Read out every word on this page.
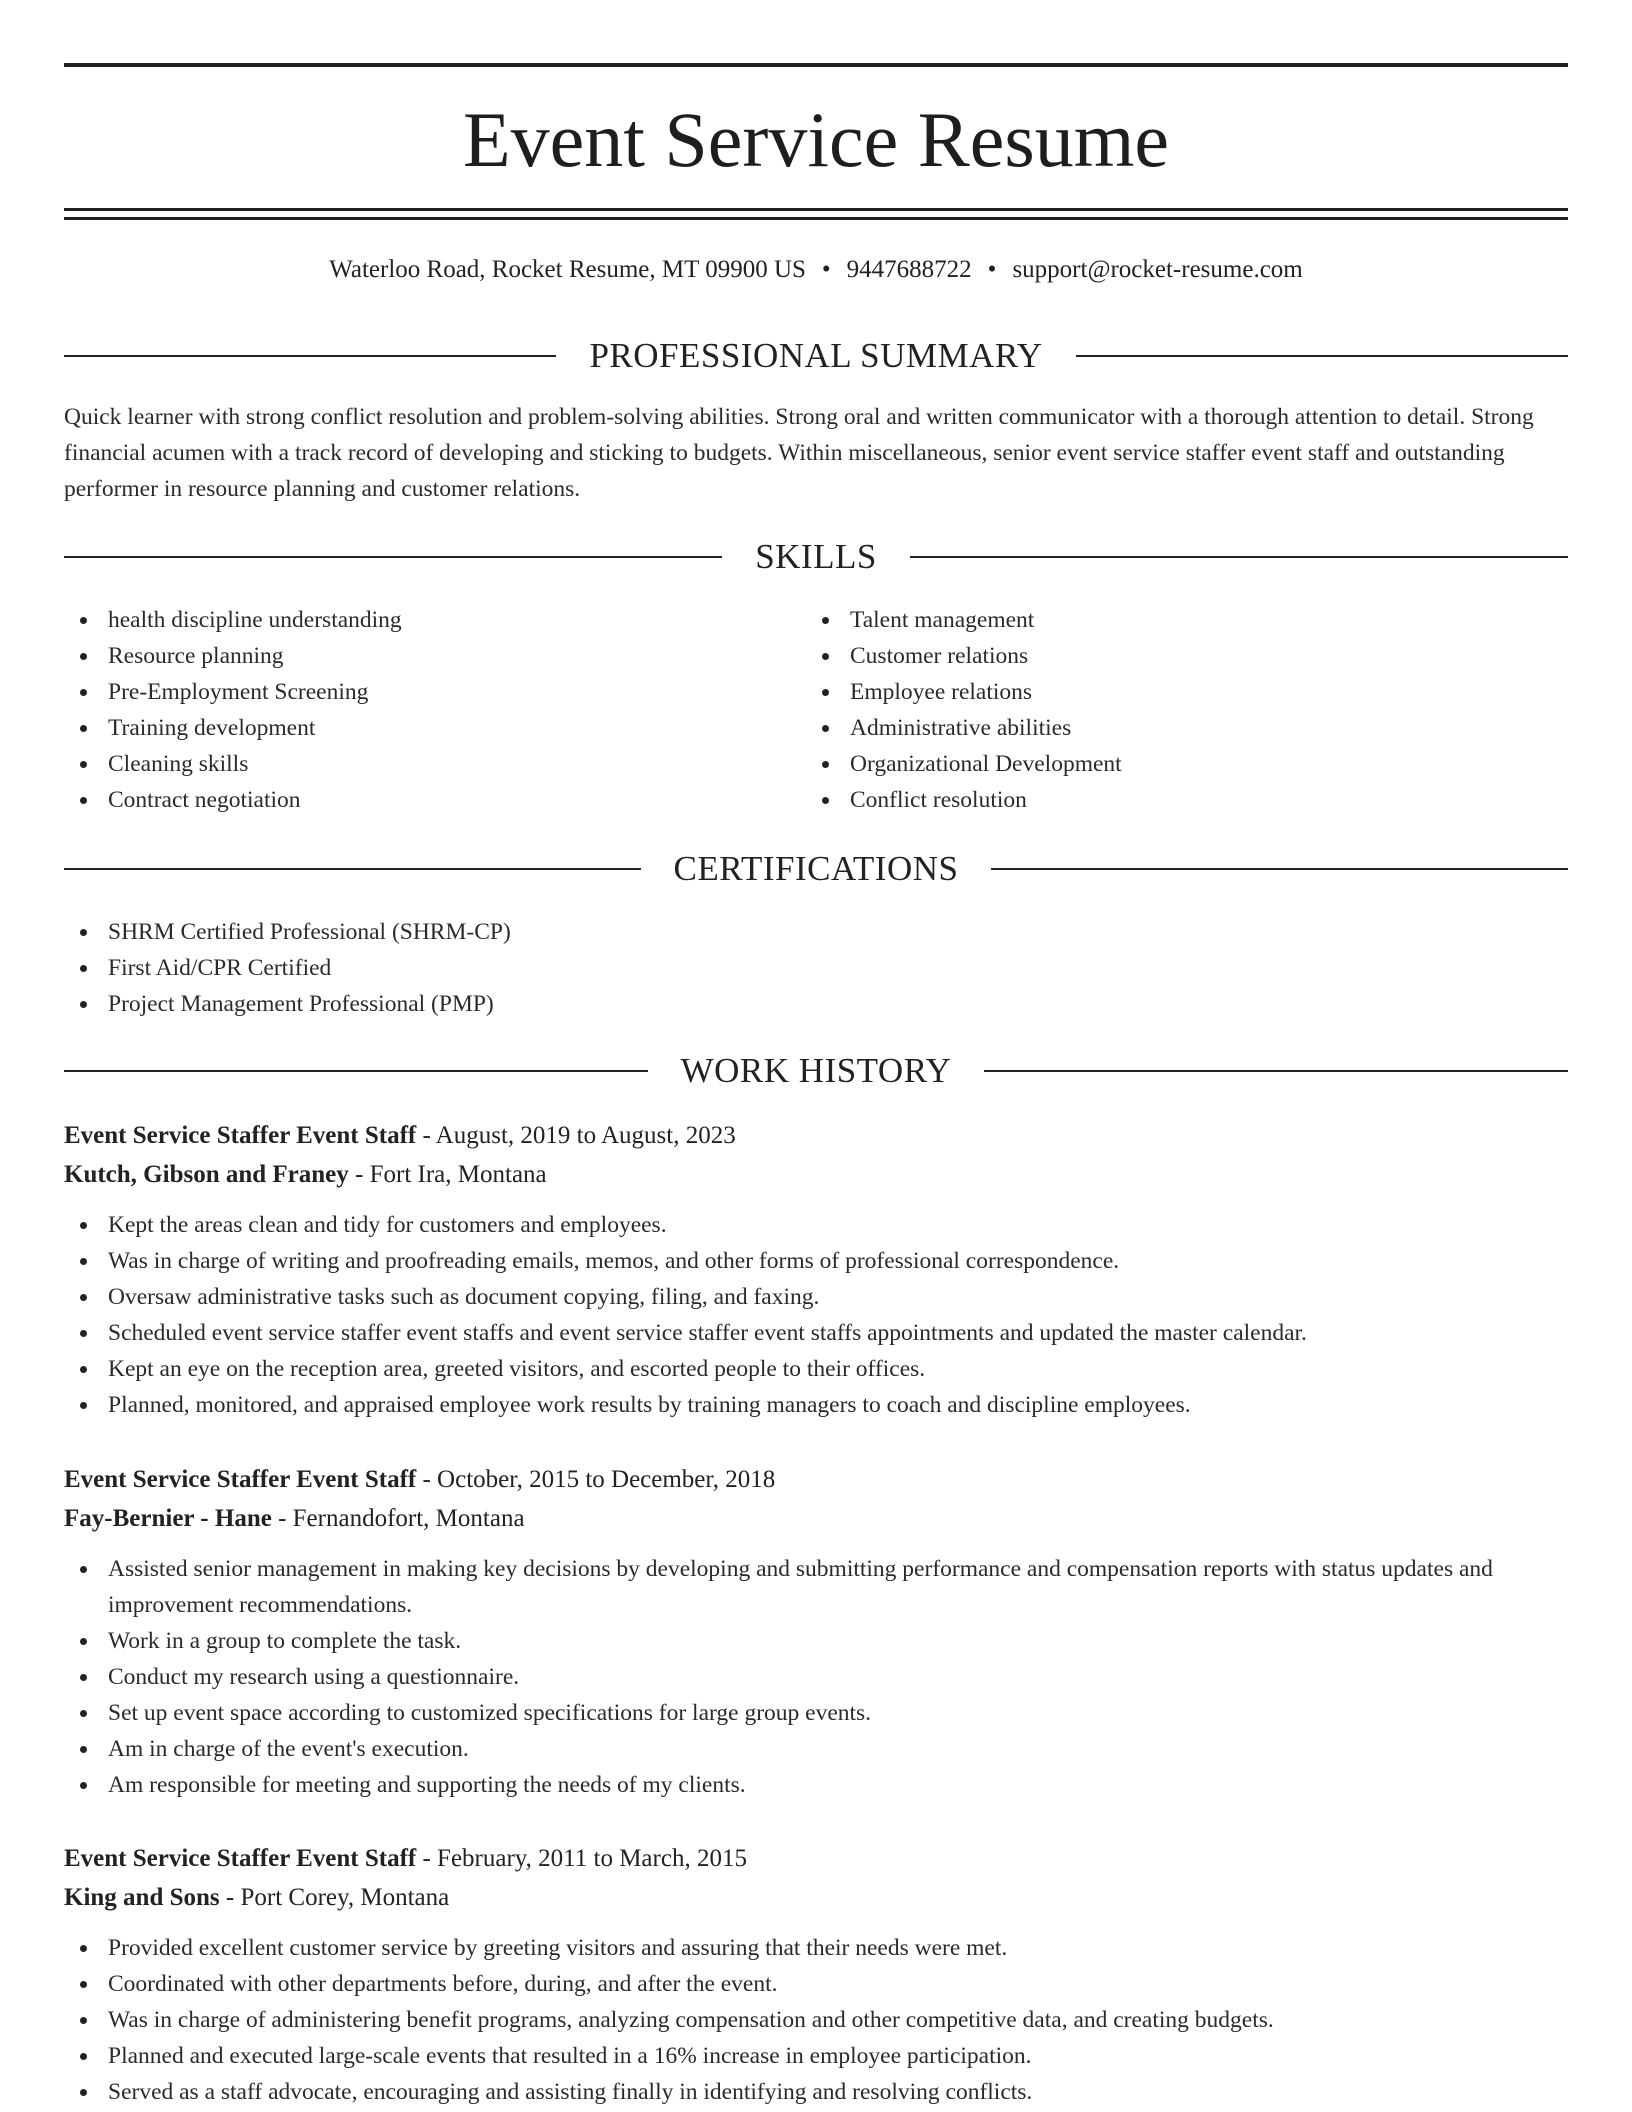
Event Service Resume
Waterloo Road, Rocket Resume, MT 09900 US • 9447688722 • support@rocket-resume.com
PROFESSIONAL SUMMARY

Quick learner with strong conflict resolution and problem-solving abilities. Strong oral and written communicator with a thorough attention to detail. Strong financial acumen with a track record of developing and sticking to budgets. Within miscellaneous, senior event service staffer event staff and outstanding performer in resource planning and customer relations.

SKILLS
health discipline understanding
Resource planning
Pre-Employment Screening
Training development
Cleaning skills
Contract negotiation
Talent management
Customer relations
Employee relations
Administrative abilities
Organizational Development
Conflict resolution
CERTIFICATIONS
SHRM Certified Professional (SHRM-CP)
First Aid/CPR Certified
Project Management Professional (PMP)
WORK HISTORY
Event Service Staffer Event Staff - August, 2019 to August, 2023
Kutch, Gibson and Franey - Fort Ira, Montana
Kept the areas clean and tidy for customers and employees.
Was in charge of writing and proofreading emails, memos, and other forms of professional correspondence.
Oversaw administrative tasks such as document copying, filing, and faxing.
Scheduled event service staffer event staffs and event service staffer event staffs appointments and updated the master calendar.
Kept an eye on the reception area, greeted visitors, and escorted people to their offices.
Planned, monitored, and appraised employee work results by training managers to coach and discipline employees.
Event Service Staffer Event Staff - October, 2015 to December, 2018
Fay-Bernier - Hane - Fernandofort, Montana
Assisted senior management in making key decisions by developing and submitting performance and compensation reports with status updates and improvement recommendations.
Work in a group to complete the task.
Conduct my research using a questionnaire.
Set up event space according to customized specifications for large group events.
Am in charge of the event's execution.
Am responsible for meeting and supporting the needs of my clients.
Event Service Staffer Event Staff - February, 2011 to March, 2015
King and Sons - Port Corey, Montana
Provided excellent customer service by greeting visitors and assuring that their needs were met.
Coordinated with other departments before, during, and after the event.
Was in charge of administering benefit programs, analyzing compensation and other competitive data, and creating budgets.
Planned and executed large-scale events that resulted in a 16% increase in employee participation.
Served as a staff advocate, encouraging and assisting finally in identifying and resolving conflicts.
